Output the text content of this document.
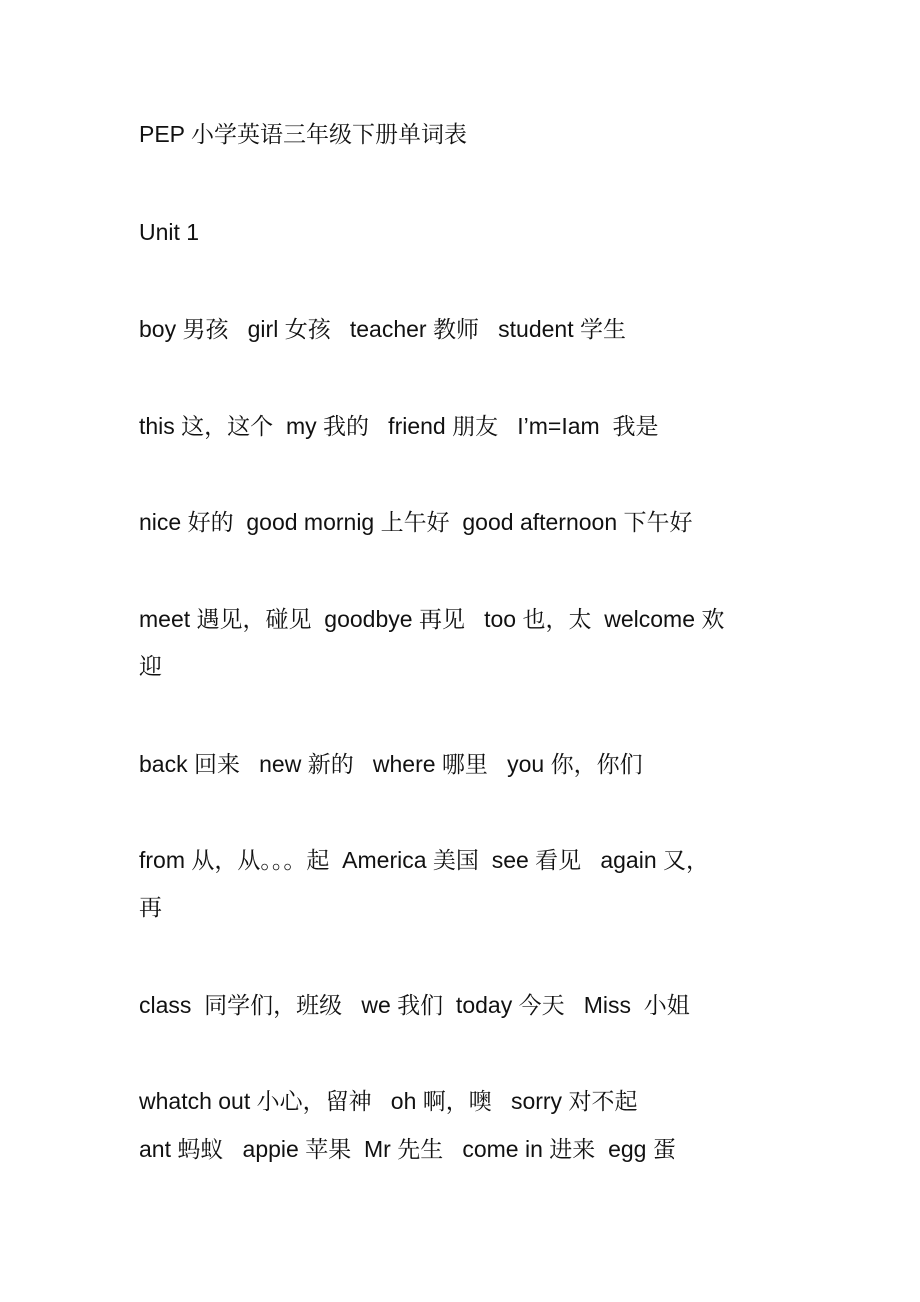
PEP 小学英语三年级下册单词表
Unit 1
boy 男孩   girl 女孩   teacher 教师   student 学生
this 这，这个  my 我的   friend 朋友   I’m=Iam  我是
nice 好的  good mornig 上午好  good afternoon 下午好
meet 遇见，碰见  goodbye 再见   too 也，太  welcome 欢
迎
back 回来   new 新的   where 哪里   you 你，你们
from 从，从。。。起  America 美国  see 看见   again 又，
再
class  同学们，班级   we 我们  today 今天   Miss  小姐
whatch out 小心，留神   oh 啊，噢   sorry 对不起
ant 蚂蚁   appie 苹果  Mr 先生   come in 进来  egg 蛋
